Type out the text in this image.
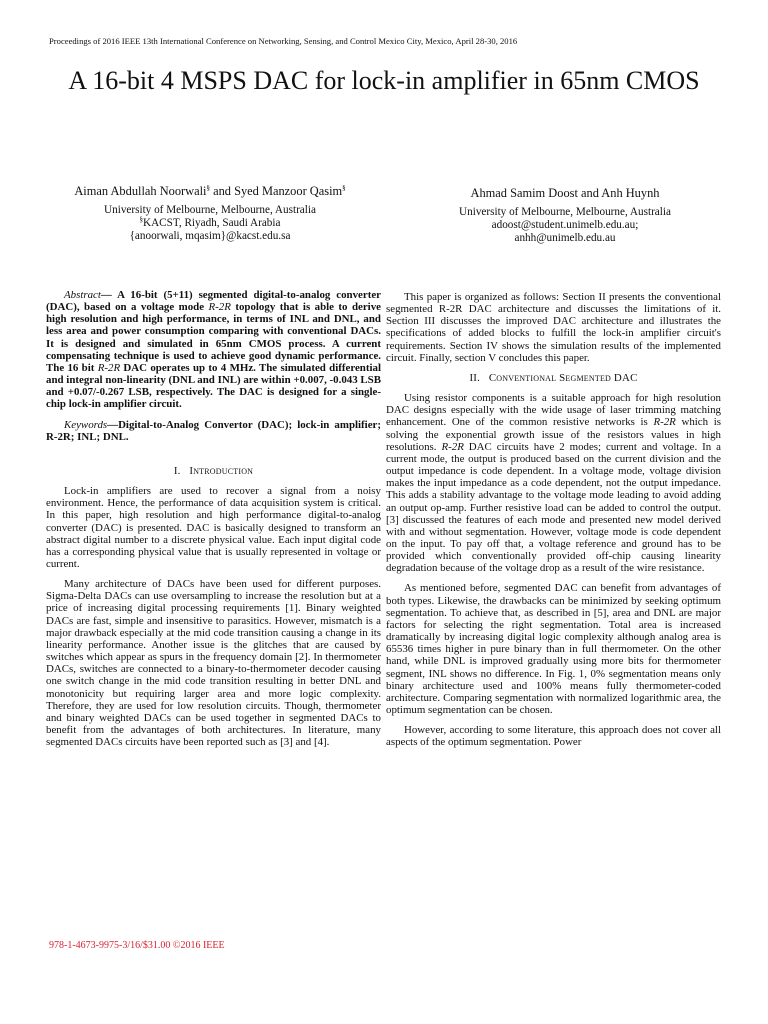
Proceedings of 2016 IEEE 13th International Conference on Networking, Sensing, and Control Mexico City, Mexico, April 28-30, 2016
A 16-bit 4 MSPS DAC for lock-in amplifier in 65nm CMOS
Aiman Abdullah Noorwali§ and Syed Manzoor Qasim§
University of Melbourne, Melbourne, Australia
§KACST, Riyadh, Saudi Arabia
{anoorwali, mqasim}@kacst.edu.sa
Ahmad Samim Doost and Anh Huynh
University of Melbourne, Melbourne, Australia
adoost@student.unimelb.edu.au;
anhh@unimelb.edu.au

Abstract— A 16-bit (5+11) segmented digital-to-analog converter (DAC), based on a voltage mode R-2R topology that is able to derive high resolution and high performance, in terms of INL and DNL, and less area and power consumption comparing with conventional DACs. It is designed and simulated in 65nm CMOS process. A current compensating technique is used to achieve good dynamic performance. The 16 bit R-2R DAC operates up to 4 MHz. The simulated differential and integral non-linearity (DNL and INL) are within +0.007, -0.043 LSB and +0.07/-0.267 LSB, respectively. The DAC is designed for a single-chip lock-in amplifier circuit.

Keywords—Digital-to-Analog Convertor (DAC); lock-in amplifier; R-2R; INL; DNL.

I. Introduction

Lock-in amplifiers are used to recover a signal from a noisy environment. Hence, the performance of data acquisition system is critical. In this paper, high resolution and high performance digital-to-analog converter (DAC) is presented. DAC is basically designed to transform an abstract digital number to a discrete physical value. Each input digital code has a corresponding physical value that is usually represented in voltage or current.

Many architecture of DACs have been used for different purposes. Sigma-Delta DACs can use oversampling to increase the resolution but at a price of increasing digital processing requirements [1]. Binary weighted DACs are fast, simple and insensitive to parasitics. However, mismatch is a major drawback especially at the mid code transition causing a change in its linearity performance. Another issue is the glitches that are caused by switches which appear as spurs in the frequency domain [2]. In thermometer DACs, switches are connected to a binary-to-thermometer decoder causing one switch change in the mid code transition resulting in better DNL and monotonicity but requiring larger area and more logic complexity. Therefore, they are used for low resolution circuits. Though, thermometer and binary weighted DACs can be used together in segmented DACs to benefit from the advantages of both architectures. In literature, many segmented DACs circuits have been reported such as [3] and [4].

This paper is organized as follows: Section II presents the conventional segmented R-2R DAC architecture and discusses the limitations of it. Section III discusses the improved DAC architecture and illustrates the specifications of added blocks to fulfill the lock-in amplifier circuit's requirements. Section IV shows the simulation results of the implemented circuit. Finally, section V concludes this paper.

II. Conventional Segmented DAC

Using resistor components is a suitable approach for high resolution DAC designs especially with the wide usage of laser trimming matching enhancement. One of the common resistive networks is R-2R which is solving the exponential growth issue of the resistors values in high resolutions. R-2R DAC circuits have 2 modes; current and voltage. In a current mode, the output is produced based on the current division and the output impedance is code dependent. In a voltage mode, voltage division makes the input impedance as a code dependent, not the output impedance. This adds a stability advantage to the voltage mode leading to avoid adding an output op-amp. Further resistive load can be added to control the output. [3] discussed the features of each mode and presented new model derived with and without segmentation. However, voltage mode is code dependent on the input. To pay off that, a voltage reference and ground has to be provided which conventionally provided off-chip causing linearity degradation because of the voltage drop as a result of the wire resistance.

As mentioned before, segmented DAC can benefit from advantages of both types. Likewise, the drawbacks can be minimized by seeking optimum segmentation. To achieve that, as described in [5], area and DNL are major factors for selecting the right segmentation. Total area is increased dramatically by increasing digital logic complexity although analog area is 65536 times higher in pure binary than in full thermometer. On the other hand, while DNL is improved gradually using more bits for thermometer segment, INL shows no difference. In Fig. 1, 0% segmentation means only binary architecture used and 100% means fully thermometer-coded architecture. Comparing segmentation with normalized logarithmic area, the optimum segmentation can be chosen.

However, according to some literature, this approach does not cover all aspects of the optimum segmentation. Power

978-1-4673-9975-3/16/$31.00 ©2016 IEEE
